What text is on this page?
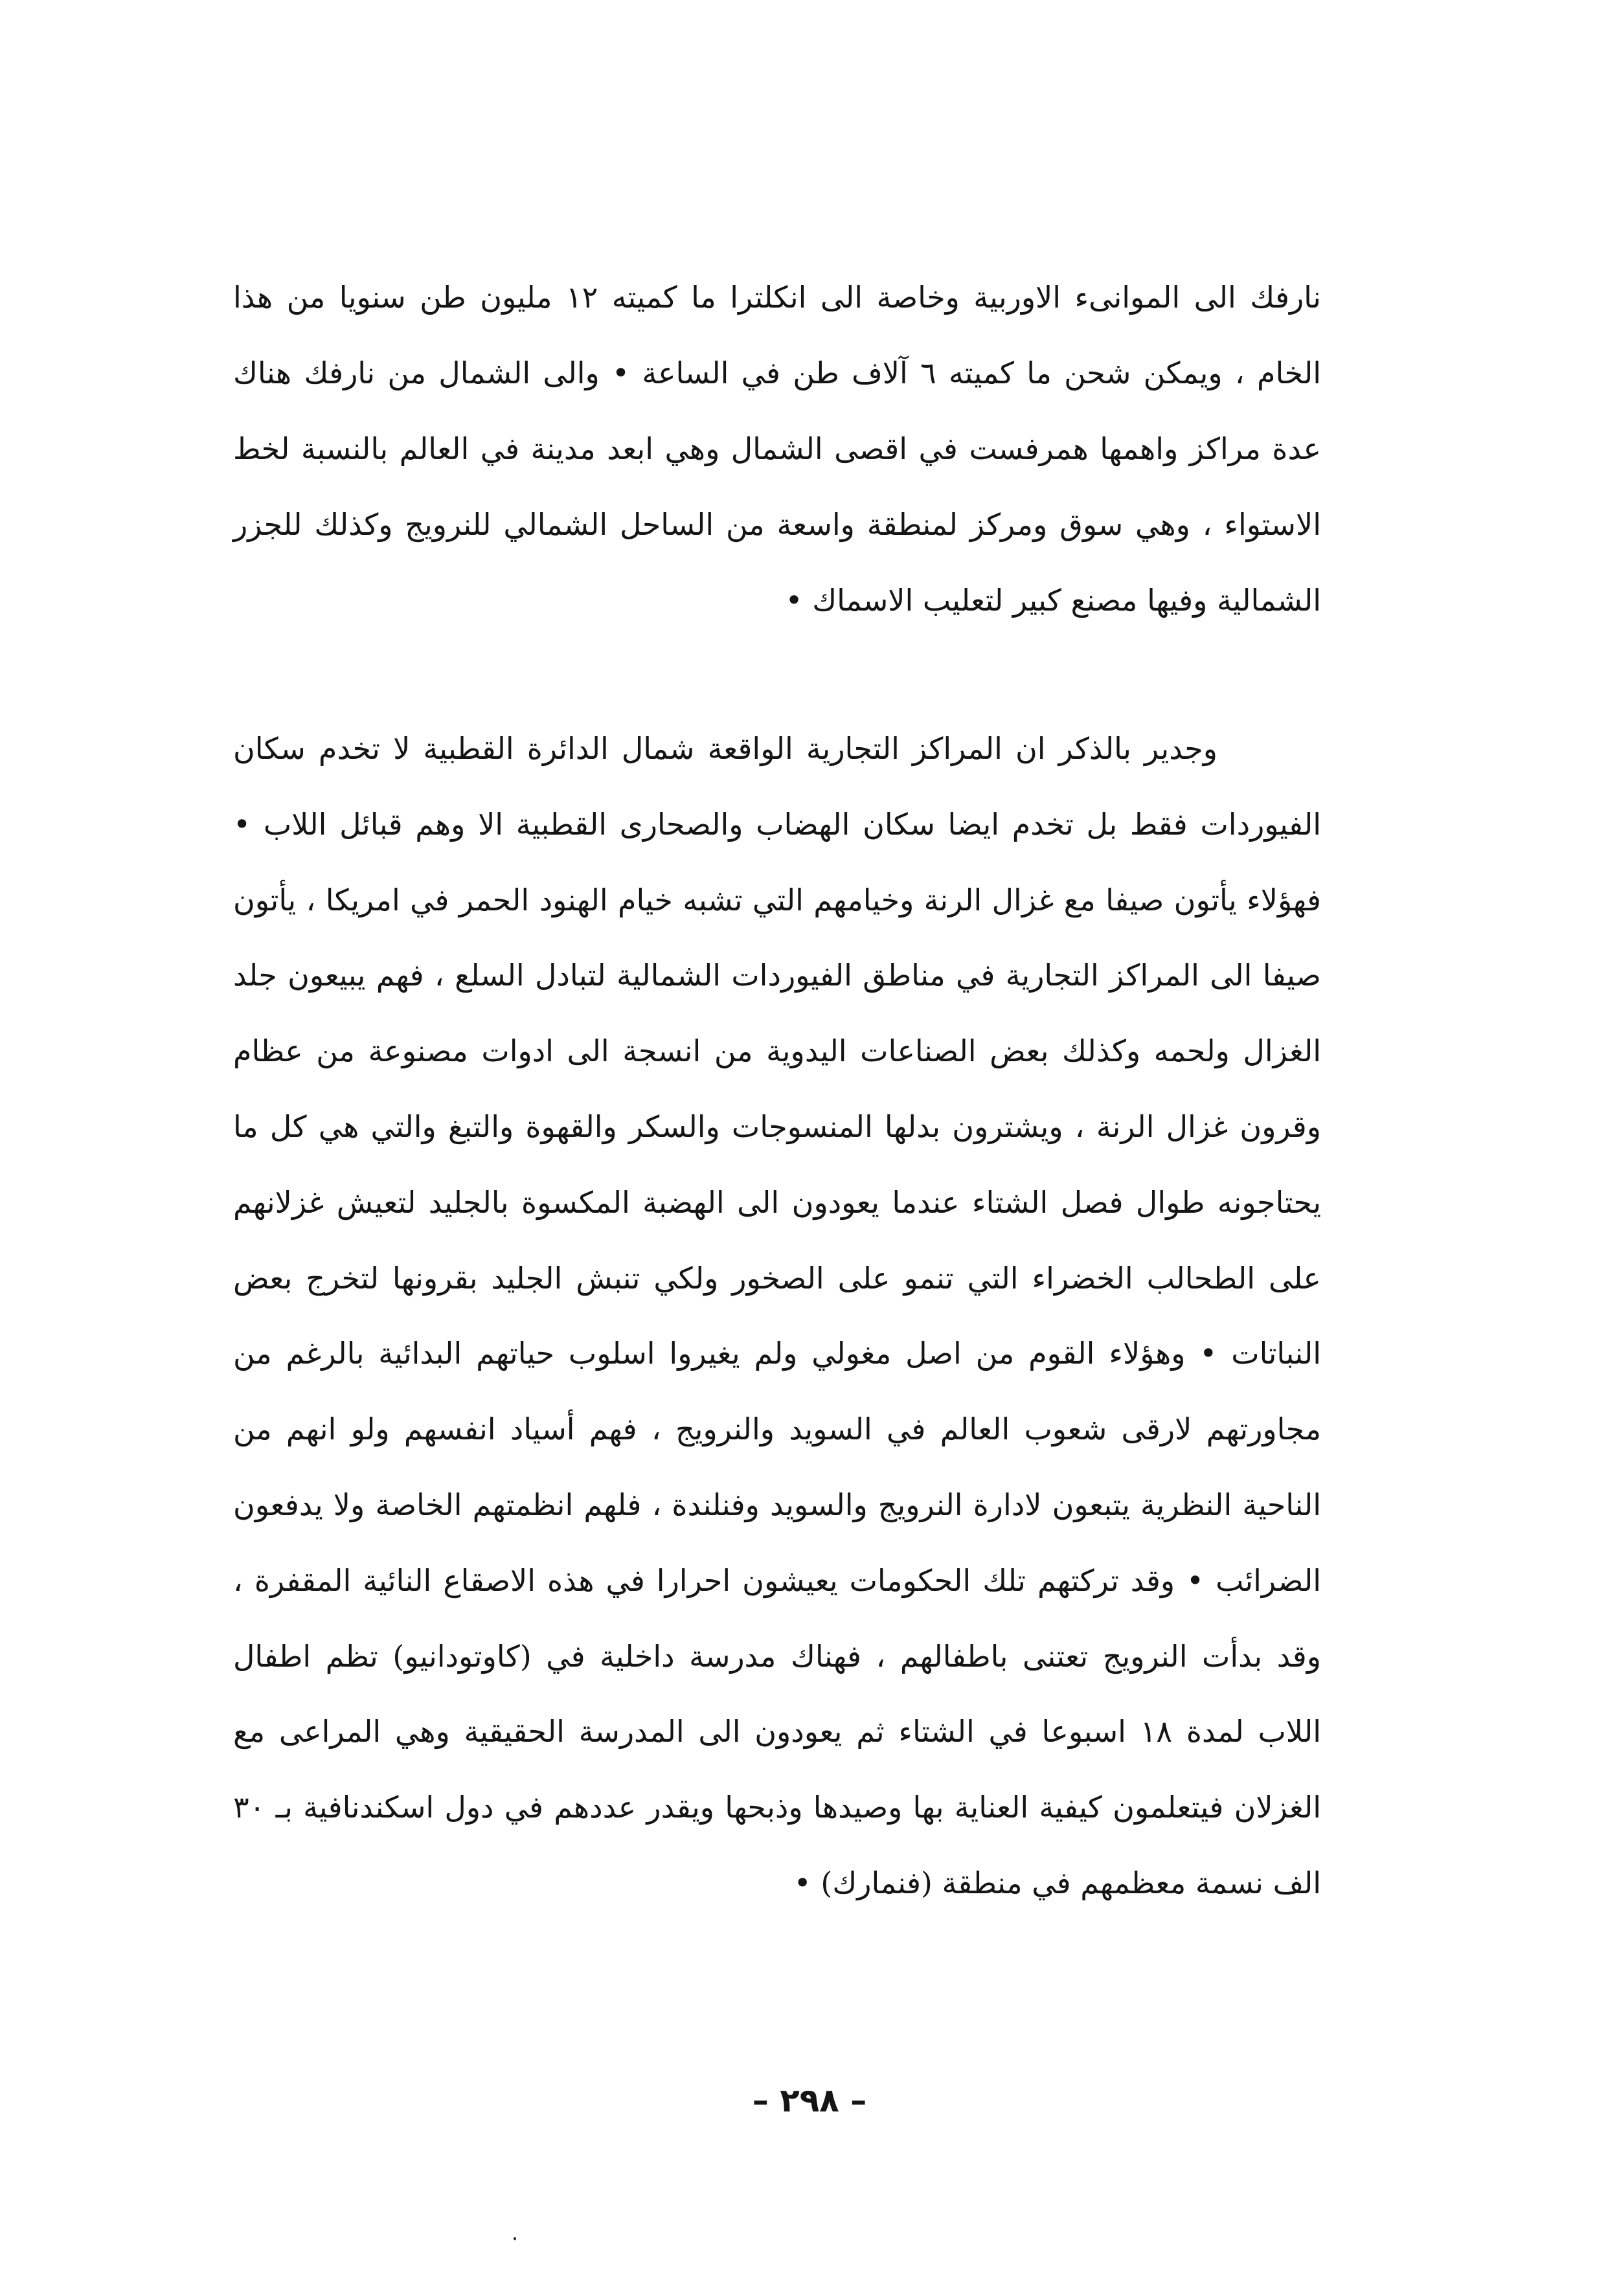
نارفك الى الموانىء الاوربية وخاصة الى انكلترا ما كميته ١٢ مليون طن سنويا من هذا الخام ، ويمكن شحن ما كميته ٦ آلاف طن في الساعة • والى الشمال من نارفك هناك عدة مراكز واهمها همرفست في اقصى الشمال وهي ابعد مدينة في العالم بالنسبة لخط الاستواء ، وهي سوق ومركز لمنطقة واسعة من الساحل الشمالي للنرويج وكذلك للجزر الشمالية وفيها مصنع كبير لتعليب الاسماك •

وجدير بالذكر ان المراكز التجارية الواقعة شمال الدائرة القطبية لا تخدم سكان الفيوردات فقط بل تخدم ايضا سكان الهضاب والصحارى القطبية الا وهم قبائل اللاب • فهؤلاء يأتون صيفا مع غزال الرنة وخيامهم التي تشبه خيام الهنود الحمر في امريكا ، يأتون صيفا الى المراكز التجارية في مناطق الفيوردات الشمالية لتبادل السلع ، فهم يبيعون جلد الغزال ولحمه وكذلك بعض الصناعات اليدوية من انسجة الى ادوات مصنوعة من عظام وقرون غزال الرنة ، ويشترون بدلها المنسوجات والسكر والقهوة والتبغ والتي هي كل ما يحتاجونه طوال فصل الشتاء عندما يعودون الى الهضبة المكسوة بالجليد لتعيش غزلانهم على الطحالب الخضراء التي تنمو على الصخور ولكي تنبش الجليد بقرونها لتخرج بعض النباتات • وهؤلاء القوم من اصل مغولي ولم يغيروا اسلوب حياتهم البدائية بالرغم من مجاورتهم لارقى شعوب العالم في السويد والنرويج ، فهم أسياد انفسهم ولو انهم من الناحية النظرية يتبعون لادارة النرويج والسويد وفنلندة ، فلهم انظمتهم الخاصة ولا يدفعون الضرائب • وقد تركتهم تلك الحكومات يعيشون احرارا في هذه الاصقاع النائية المقفرة ، وقد بدأت النرويج تعتنى باطفالهم ، فهناك مدرسة داخلية في (كاوتودانيو) تظم اطفال اللاب لمدة ١٨ اسبوعا في الشتاء ثم يعودون الى المدرسة الحقيقية وهي المراعى مع الغزلان فيتعلمون كيفية العناية بها وصيدها وذبحها ويقدر عددهم في دول اسكندنافية بـ ٣٠ الف نسمة معظمهم في منطقة (فنمارك) •

– ٢٩٨ –
